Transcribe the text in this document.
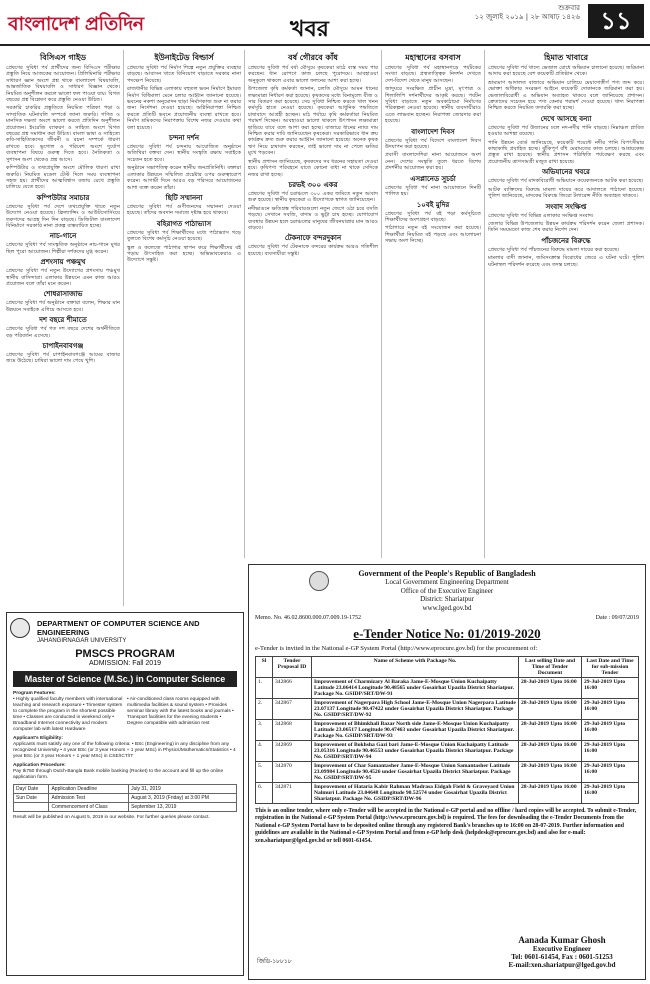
বাংলাদেশ প্রতিদিন	খবর
শুক্রবার
১২ জুলাই ২০১৯ | ২৮ আষাঢ় ১৪২৬ ১১
বিসিএস গাইড

প্রেষণের সুবিধা পর্ব প্রার্থীদের জন্য বিসিএস পরীক্ষার প্রস্তুতি নিয়ে আজকের আয়োজন। প্রিলিমিনারি পরীক্ষার সাধারণ জ্ঞান অংশে প্রশ্ন থাকে বাংলাদেশ বিষয়াবলি, আন্তর্জাতিক বিষয়াবলি ও সাধারণ বিজ্ঞান থেকে। নিয়মিত অনুশীলন করলে ভালো ফল পাওয়া যায়। বিগত বছরের প্রশ্ন বিশ্লেষণ করে প্রস্তুতি নেওয়া উচিত।

সরকারি চাকরির প্রস্তুতিতে নিয়মিত পত্রিকা পড়া ও সাম্প্রতিক ঘটনাবলি সম্পর্কে জানা জরুরি। গণিত ও মানসিক দক্ষতা অংশে ভালো করতে প্রতিদিন অনুশীলন প্রয়োজন। ইংরেজি ব্যাকরণ ও সাহিত্য অংশে বিগত বছরের প্রশ্ন সমাধান করা উচিত। বাংলা ভাষা ও সাহিত্যে কবি-সাহিত্যিকদের জীবনী ও রচনা সম্পর্কে ধারণা রাখতে হবে। ভূগোল ও পরিবেশ অংশে দুর্যোগ ব্যবস্থাপনা বিষয়ে গুরুত্ব দিতে হবে। নৈতিকতা ও সুশাসন অংশ থেকেও প্রশ্ন আসে।

কম্পিউটার ও তথ্যপ্রযুক্তি অংশে মৌলিক ধারণা রাখা জরুরি। নিয়মিত মডেল টেস্ট দিলে সময় ব্যবস্থাপনা সহজ হয়। প্রার্থীদের আত্মবিশ্বাস বজায় রেখে প্রস্তুতি চালিয়ে যেতে হবে।

কম্পিউটার সমাচার

প্রেষণের সুবিধা পর্ব দেশে তথ্যপ্রযুক্তি খাতে নতুন উদ্যোগ নেওয়া হয়েছে। ফ্রিল্যান্সিং ও আউটসোর্সিংয়ে তরুণদের আগ্রহ দিন দিন বাড়ছে। ডিজিটাল বাংলাদেশ বিনির্মাণে সরকারি নানা প্রকল্প বাস্তবায়িত হচ্ছে।

নাচ-গানে

প্রেষণের সুবিধা পর্ব সাংস্কৃতিক অনুষ্ঠানে নাচ-গানে মুখর ছিল পুরো আয়োজন। শিল্পীরা দর্শকদের মুগ্ধ করেন।

প্রশংসায় পঞ্চমুখ

প্রেষণের সুবিধা পর্ব নতুন উদ্যোগের প্রশংসায় পঞ্চমুখ স্থানীয় বাসিন্দারা। এলাকার উন্নয়নে এমন কাজ আরও প্রয়োজন বলে তাঁরা মনে করেন।

শোধরাসাজাভ

প্রেষণের সুবিধা পর্ব অনুষ্ঠানে বক্তারা বলেন, শিক্ষার মান উন্নয়নে সবাইকে এগিয়ে আসতে হবে।

দশ বছরে শীমাতে

প্রেষণের সুবিধা পর্ব গত দশ বছরে দেশের অর্থনীতিতে বড় পরিবর্তন এসেছে।

চাপাইনবাবগঞ্জ

প্রেষণের সুবিধা পর্ব চাপাইনবাবগঞ্জে আমের বাজার জমে উঠেছে। চাষিরা ভালো দাম পেয়ে খুশি।

ইউনাইটেড বিল্ডার্স

প্রেষণের সুবিধা পর্ব নির্মাণ শিল্পে নতুন প্রযুক্তির ব্যবহার বাড়ছে। আবাসন খাতে বিনিয়োগ বাড়াতে সরকার নানা পদক্ষেপ নিয়েছে।

রাজধানীর বিভিন্ন এলাকায় বহুতল ভবন নির্মাণে ইমারত নির্মাণ বিধিমালা মেনে চলার আহ্বান জানানো হয়েছে। ভবনের নকশা অনুমোদন ছাড়া নির্মাণকাজ শুরু না করার জন্য নির্দেশনা দেওয়া হয়েছে। অগ্নিনিরাপত্তা নিশ্চিত করতে প্রতিটি ভবনে প্রয়োজনীয় ব্যবস্থা রাখতে হবে। নির্মাণ শ্রমিকদের নিরাপত্তায় বিশেষ নজর দেওয়ার কথা বলা হয়েছে।

চন্দনা দর্শন

প্রেষণের সুবিধা পর্ব চন্দনায় আয়োজিত অনুষ্ঠানে অতিথিরা বক্তব্য দেন। স্থানীয় সংস্কৃতি রক্ষায় সবাইকে সচেতন হতে হবে।

অনুষ্ঠানে সভাপতিত্ব করেন স্থানীয় জনপ্রতিনিধি। বক্তারা এলাকার উন্নয়নে সম্মিলিত প্রচেষ্টার ওপর গুরুত্বারোপ করেন। আগামী দিনে আরও বড় পরিসরে আয়োজনের আশা ব্যক্ত করেন তাঁরা।

ছিটি সম্মাননা

প্রেষণের সুবিধা পর্ব গুণীজনদের সম্মাননা দেওয়া হয়েছে। তাঁদের অবদান সমাজে দৃষ্টান্ত হয়ে থাকবে।

বহিরাগত পাঠাভ্যাস

প্রেষণের সুবিধা পর্ব শিক্ষার্থীদের মধ্যে পাঠাভ্যাস গড়ে তুলতে বিশেষ কর্মসূচি নেওয়া হয়েছে।

স্কুল ও কলেজে পাঠাগার স্থাপন করে শিক্ষার্থীদের বই পড়ায় উৎসাহিত করা হচ্ছে। অভিভাবকেরাও এ উদ্যোগে সন্তুষ্ট।

বর্ষ গৌরবে কাঁধ

প্রেষণের সুবিধা পর্ব বর্ষা মৌসুমে কৃষকেরা মাঠে ব্যস্ত সময় পার করছেন। ধান রোপণে কাজ চলছে পুরোদমে। আবহাওয়া অনুকূলে থাকলে এবার ভালো ফলনের আশা করা হচ্ছে।

উপজেলা কৃষি কর্মকর্তা জানান, চলতি মৌসুমে আমন ধানের লক্ষ্যমাত্রা নির্ধারণ করা হয়েছে। কৃষকদের মধ্যে বিনামূল্যে বীজ ও সার বিতরণ করা হয়েছে। সেচ সুবিধা নিশ্চিত করতে খাল খনন কর্মসূচি হাতে নেওয়া হয়েছে। কৃষকেরা আধুনিক পদ্ধতিতে চাষাবাদে আগ্রহী হচ্ছেন। মাঠ পর্যায়ে কৃষি কর্মকর্তারা নিয়মিত পরামর্শ দিচ্ছেন। আবহাওয়া ভালো থাকলে উৎপাদন লক্ষ্যমাত্রা ছাড়িয়ে যাবে বলে আশা করা হচ্ছে। বাজারে ধানের ন্যায্য দাম নিশ্চিত করার দাবি জানিয়েছেন কৃষকেরা। সরকারিভাবে ধান ক্রয় কার্যক্রম দ্রুত শুরু করার আহ্বান জানানো হয়েছে। অনেক কৃষক ঋণ নিয়ে চাষাবাদ করছেন, তাই ভালো দাম না পেলে ক্ষতির মুখে পড়বেন।

স্থানীয় প্রশাসন জানিয়েছে, কৃষকদের সব ধরনের সহায়তা দেওয়া হবে। কৃষিপণ্য পরিবহনে যাতে কোনো বাধা না থাকে সেদিকে নজর রাখা হচ্ছে।

চরভই ৩০০ একর

প্রেষণের সুবিধা পর্ব চরাঞ্চলে ৩০০ একর জমিতে নতুন আবাদ শুরু হয়েছে। স্থানীয় কৃষকেরা এ উদ্যোগকে স্বাগত জানিয়েছেন।

নদীভাঙনে ক্ষতিগ্রস্ত পরিবারগুলো নতুন জেগে ওঠা চরে বসতি গড়ছে। সেখানে সবজি, বাদাম ও ভুট্টা চাষ হচ্ছে। যোগাযোগ ব্যবস্থার উন্নয়ন হলে চরাঞ্চলের মানুষের জীবনযাত্রার মান আরও বাড়বে।

টেকনাফে বন্দরদুকান

প্রেষণের সুবিধা পর্ব টেকনাফে বন্দরের কার্যক্রম আরও গতিশীল হয়েছে। ব্যবসায়ীরা সন্তুষ্ট।

মহাস্থানের বসবাস

প্রেষণের সুবিধা পর্ব মহাস্থানগড়ে পর্যটকের সংখ্যা বাড়ছে। প্রত্নতাত্ত্বিক নিদর্শন দেখতে দেশ-বিদেশ থেকে মানুষ আসছেন।

জাদুঘরে সংরক্ষিত প্রাচীন মুদ্রা, মৃৎপাত্র ও শিলালিপি দর্শনার্থীদের আকৃষ্ট করছে। পর্যটন সুবিধা বাড়াতে নতুন অবকাঠামো নির্মাণের পরিকল্পনা নেওয়া হয়েছে। স্থানীয় ব্যবসায়ীরাও এতে লাভবান হচ্ছেন। নিরাপত্তা জোরদার করা হয়েছে।

বাংলাদেশ দিবস

প্রেষণের সুবিধা পর্ব বিদেশে বাংলাদেশ দিবস উদযাপন করা হয়েছে।

প্রবাসী বাংলাদেশিরা নানা আয়োজনে অংশ নেন। দেশের সংস্কৃতি তুলে ধরতে বিশেষ প্রদর্শনীর আয়োজন করা হয়।

এসপ্লানেড সুচর্চা

প্রেষণের সুবিধা পর্ব নানা আয়োজনে দিনটি পালিত হয়।

১০বই মুদির

প্রেষণের সুবিধা পর্ব বই পড়া কর্মসূচিতে শিক্ষার্থীদের অংশগ্রহণ বাড়ছে।

পাঠাগারে নতুন বই সংযোজন করা হয়েছে। শিক্ষার্থীরা নিয়মিত বই পড়ছে এবং আলোচনা সভায় অংশ নিচ্ছে।

হিমাত খাবারে

প্রেষণের সুবিধা পর্ব খাদ্যে ভেজাল রোধে অভিযান চালানো হয়েছে। জরিমানা আদায় করা হয়েছে বেশ কয়েকটি প্রতিষ্ঠান থেকে।

ভ্রাম্যমাণ আদালত বাজারে অভিযান চালিয়ে মেয়াদোত্তীর্ণ পণ্য জব্দ করে। ভোক্তা অধিকার সংরক্ষণ আইনে কয়েকটি দোকানকে জরিমানা করা হয়। ভেজালবিরোধী এ অভিযান অব্যাহত থাকবে বলে জানিয়েছে প্রশাসন। ক্রেতাদের সচেতন হয়ে পণ্য কেনার পরামর্শ দেওয়া হয়েছে। খাদ্য নিরাপত্তা নিশ্চিত করতে নিয়মিত তদারকি করা হচ্ছে।

দেখে আসছে বন্যা

প্রেষণের সুবিধা পর্ব উজানের ঢলে নদ-নদীর পানি বাড়ছে। নিম্নাঞ্চল প্লাবিত হওয়ার আশঙ্কা রয়েছে।

পানি উন্নয়ন বোর্ড জানিয়েছে, কয়েকটি পয়েন্টে নদীর পানি বিপৎসীমার কাছাকাছি প্রবাহিত হচ্ছে। ঝুঁকিপূর্ণ বাঁধ মেরামতের কাজ চলছে। আশ্রয়কেন্দ্র প্রস্তুত রাখা হয়েছে। স্থানীয় প্রশাসন পরিস্থিতি পর্যবেক্ষণ করছে এবং প্রয়োজনীয় ত্রাণসামগ্রী মজুত রাখা হয়েছে।

অভিযানের খবরে

প্রেষণের সুবিধা পর্ব মাদকবিরোধী অভিযানে কয়েকজনকে আটক করা হয়েছে।

আটক ব্যক্তিদের বিরুদ্ধে মামলা দায়ের করে আদালতে পাঠানো হয়েছে। পুলিশ জানিয়েছে, মাদকের বিরুদ্ধে জিরো টলারেন্স নীতি অব্যাহত থাকবে।

সংবাদ সংক্ষিপ্ত

প্রেষণের সুবিধা পর্ব বিভিন্ন এলাকার সংক্ষিপ্ত সংবাদ।

জেলার বিভিন্ন উপজেলায় উন্নয়ন কার্যক্রম পরিদর্শন করেন জেলা প্রশাসক। তিনি সময়মতো কাজ শেষ করার নির্দেশ দেন।

পাঁচজনের বিরুদ্ধে

প্রেষণের সুবিধা পর্ব পাঁচজনের বিরুদ্ধে মামলা দায়ের করা হয়েছে।

মামলার বাদী জানান, জমিসংক্রান্ত বিরোধের জেরে এ ঘটনা ঘটে। পুলিশ ঘটনাস্থল পরিদর্শন করেছে এবং তদন্ত চলছে।

DEPARTMENT OF COMPUTER SCIENCE AND ENGINEERING
JAHANGIRNAGAR UNIVERSITY
PMSCS PROGRAM
ADMISSION: Fall 2019
Master of Science (M.Sc.) in Computer Science
Program Features:
• Highly qualified faculty members with international teaching and research exposure • Trimester system to complete the program in the shortest possible time • Classes are conducted in weekend only • Broadband Internet connectivity and modern computer lab with latest Hardware
• Air-conditioned class rooms equipped with multimedia facilities & sound system • Provides seminar library with the latest books and journals • Transport facilities for the evening students • Degree compatible with admission rest
Applicant's Eligibility:
Applicants must satisfy any one of the following criteria: • BSc (Engineering) in any discipline from any recognized University • 4 year BSc (or 3 year Honors + 1 year MSc) in Physics/Mathematics/Statistics • 4 year BSc (or 3 year Honors + 1 year MSc) in CSE/ICT/IT
Application Procedure:
Pay tk750 through Dutch-Bangla Bank mobile banking (Rocket) to the account and fill up the online application form.
Day/ Date	Application Deadline	July 31, 2019
Sun Date	Admission Test	August 3, 2019 (Friday) at 3:00 PM
	Commencement of Class	September 13, 2019
Result will be published on August 5, 2019 in our website. For further queries please contact.
Government of the People's Republic of Bangladesh
Local Government Engineering Department
Office of the Executive Engineer
District: Shariatpur
www.lged.gov.bd
Memo. No. 46.02.8600.000.07.009.19-1752	Date : 09/07/2019
e-Tender Notice No: 01/2019-2020
e-Tender is invited in the National e-GP System Portal (http://www.eprocure.gov.bd) for the procurement of:
Sl	Tender Proposal ID	Name of Scheme with Package No.	Last selling Date and Time of Tender Document	Last Date and Time for sub-mission Tender
1.	342866	Improvement of Charmizary Al Baraka Jame-E-Mosque Union Kuchaipatty Latitude 23.06414 Longitude 90.48565 under Gosairhat Upazila District Shariatpur. Package No. GSIDP/SRT/DW-91	28-Jul-2019 Upto 16:00	29-Jul-2019 Upto 16:00
2.	342867	Improvement of Nagerpara High School Jame-E-Mosque Union Nagerpara Latitude 23.07137 Longitude 90.47422 under Gosairhat Upazila District Shariatpur. Package No. GSIDP/SRT/DW-92	28-Jul-2019 Upto 16:00	29-Jul-2019 Upto 16:00
3.	342868	Improvement of Bhimkhali Bazar North side Jame-E-Mosque Union Kuchaipatty Latitude 23.06517 Longitude 90.47463 under Gosairhat Upazila District Shariatpur. Package No. GSIDP/SRT/DW-93	28-Jul-2019 Upto 16:00	29-Jul-2019 Upto 16:00
4.	342869	Improvement of Bokhsha Gazi bari Jame-E-Mosque Union Kuchaipatty Latitude 23.05316 Longitude 90.46553 under Gosairhat Upazila District Shariatpur. Package No. GSIDP/SRT/DW-94	28-Jul-2019 Upto 16:00	29-Jul-2019 Upto 16:00
5.	342870	Improvement of Char Samantasher Jame-E-Mosque Union Samantasher Latitude 23.09984 Longitude 90.4526 under Gosairhat Upazila District Shariatpur. Package No. GSIDP/SRT/DW-95	28-Jul-2019 Upto 16:00	29-Jul-2019 Upto 16:00
6.	342871	Improvement of Hataria Kabir Rahman Madrasa Eidgah Field & Graveyard Union Nalmuri Latitude 23.04648 Longitude 90.52574 under Gosairhat Upazila District Shariatpur. Package No. GSIDP/SRT/DW-96	28-Jul-2019 Upto 16:00	29-Jul-2019 Upto 16:00
This is an online tender, where only e-Tender will be accepted in the National e-GP portal and no offline / hard copies will be accepted. To submit e-Tender, registration in the National e-GP System Portal (http://www.eprocure.gov.bd) is required. The fees for downloading the e-Tender Documents from the National e-GP System Portal have to be deposited online through any registered Bank's branches up to 16:00 on 28-07-2019. Further information and guidelines are available in the National e-GP System Portal and from e-GP help desk (helpdesk@eprocure.gov.bd) and also for e-mail: xen.shariatpur@lged.gov.bd or tell 0601-61454.
জিডি-১৮৮১৮
Aanada Kumar Ghosh
Executive Engineer
Tel: 0601-61454, Fax : 0601-51253
E-mail:xen.shariatpur@lged.gov.bd
